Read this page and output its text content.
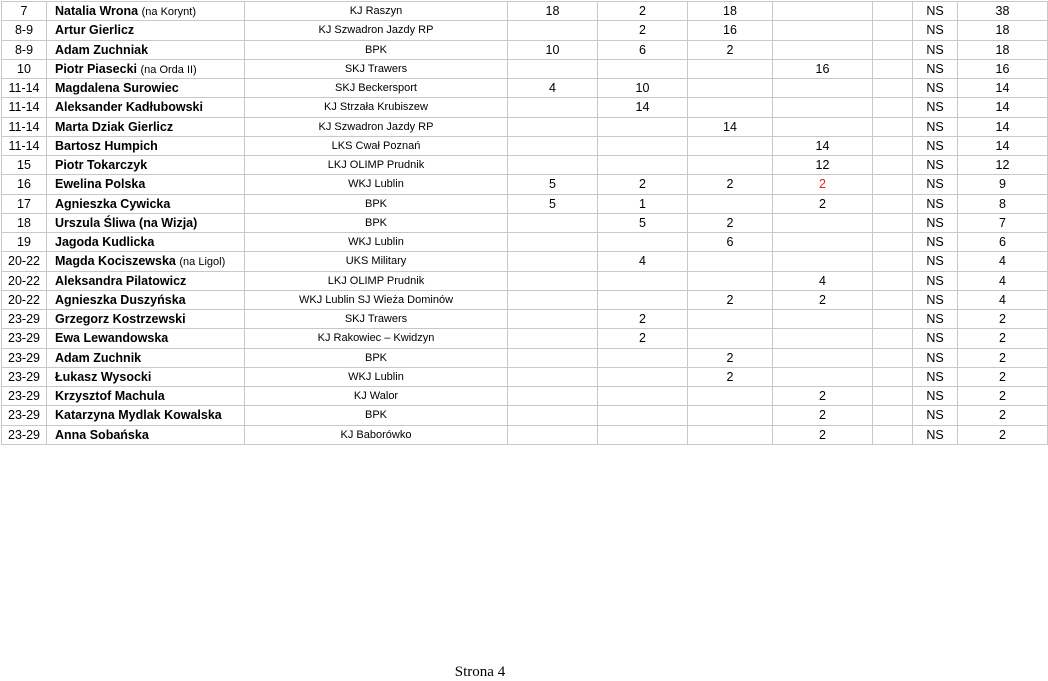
7	Natalia Wrona (na Korynt)	KJ Raszyn	18	2	18			NS	38
8-9	Artur Gierlicz	KJ Szwadron Jazdy RP		2	16			NS	18
8-9	Adam Zuchniak	BPK	10	6	2			NS	18
10	Piotr Piasecki (na Orda II)	SKJ Trawers				16		NS	16
11-14	Magdalena Surowiec	SKJ Beckersport	4	10				NS	14
11-14	Aleksander Kadłubowski	KJ Strzała Krubiszew		14				NS	14
11-14	Marta Dziak Gierlicz	KJ Szwadron Jazdy RP			14			NS	14
11-14	Bartosz Humpich	LKS Cwał Poznań				14		NS	14
15	Piotr Tokarczyk	LKJ OLIMP Prudnik				12		NS	12
16	Ewelina Polska	WKJ Lublin	5	2	2	2		NS	9
17	Agnieszka Cywicka	BPK	5	1		2		NS	8
18	Urszula Śliwa (na Wizja)	BPK		5	2			NS	7
19	Jagoda Kudlicka	WKJ Lublin			6			NS	6
20-22	Magda Kociszewska (na Ligol)	UKS Military		4				NS	4
20-22	Aleksandra Pilatowicz	LKJ OLIMP Prudnik				4		NS	4
20-22	Agnieszka Duszyńska	WKJ Lublin SJ Wieża Dominów			2	2		NS	4
23-29	Grzegorz Kostrzewski	SKJ Trawers		2				NS	2
23-29	Ewa Lewandowska	KJ Rakowiec – Kwidzyn		2				NS	2
23-29	Adam Zuchnik	BPK			2			NS	2
23-29	Łukasz Wysocki	WKJ Lublin			2			NS	2
23-29	Krzysztof Machula	KJ Walor				2		NS	2
23-29	Katarzyna Mydlak Kowalska	BPK				2		NS	2
23-29	Anna Sobańska	KJ Baborówko				2		NS	2
Strona 4
